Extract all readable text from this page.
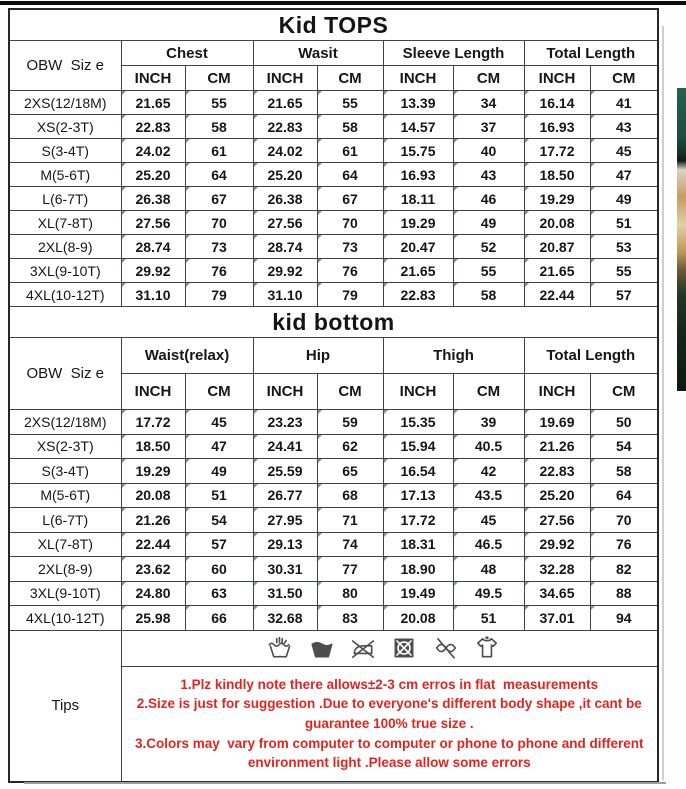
Kid TOPS								
OBW  Siz e	Chest		Wasit		Sleeve Length		Total Length	
	INCH	CM	INCH	CM	INCH	CM	INCH	CM
2XS(12/18M)	21.65	55	21.65	55	13.39	34	16.14	41
XS(2-3T)	22.83	58	22.83	58	14.57	37	16.93	43
S(3-4T)	24.02	61	24.02	61	15.75	40	17.72	45
M(5-6T)	25.20	64	25.20	64	16.93	43	18.50	47
L(6-7T)	26.38	67	26.38	67	18.11	46	19.29	49
XL(7-8T)	27.56	70	27.56	70	19.29	49	20.08	51
2XL(8-9)	28.74	73	28.74	73	20.47	52	20.87	53
3XL(9-10T)	29.92	76	29.92	76	21.65	55	21.65	55
4XL(10-12T)	31.10	79	31.10	79	22.83	58	22.44	57
kid bottom								
OBW  Siz e	Waist(relax)		Hip		Thigh		Total Length	
	INCH	CM	INCH	CM	INCH	CM	INCH	CM
2XS(12/18M)	17.72	45	23.23	59	15.35	39	19.69	50
XS(2-3T)	18.50	47	24.41	62	15.94	40.5	21.26	54
S(3-4T)	19.29	49	25.59	65	16.54	42	22.83	58
M(5-6T)	20.08	51	26.77	68	17.13	43.5	25.20	64
L(6-7T)	21.26	54	27.95	71	17.72	45	27.56	70
XL(7-8T)	22.44	57	29.13	74	18.31	46.5	29.92	76
2XL(8-9)	23.62	60	30.31	77	18.90	48	32.28	82
3XL(9-10T)	24.80	63	31.50	80	19.49	49.5	34.65	88
4XL(10-12T)	25.98	66	32.68	83	20.08	51	37.01	94
Tips	

	1.Plz kindly note there allows±2-3 cm erros in flat  measurements
2.Size is just for suggestion .Due to everyone's different body shape ,it cant be guarantee 100% true size .
3.Colors may  vary from computer to computer or phone to phone and different environment light .Please allow some errors							
